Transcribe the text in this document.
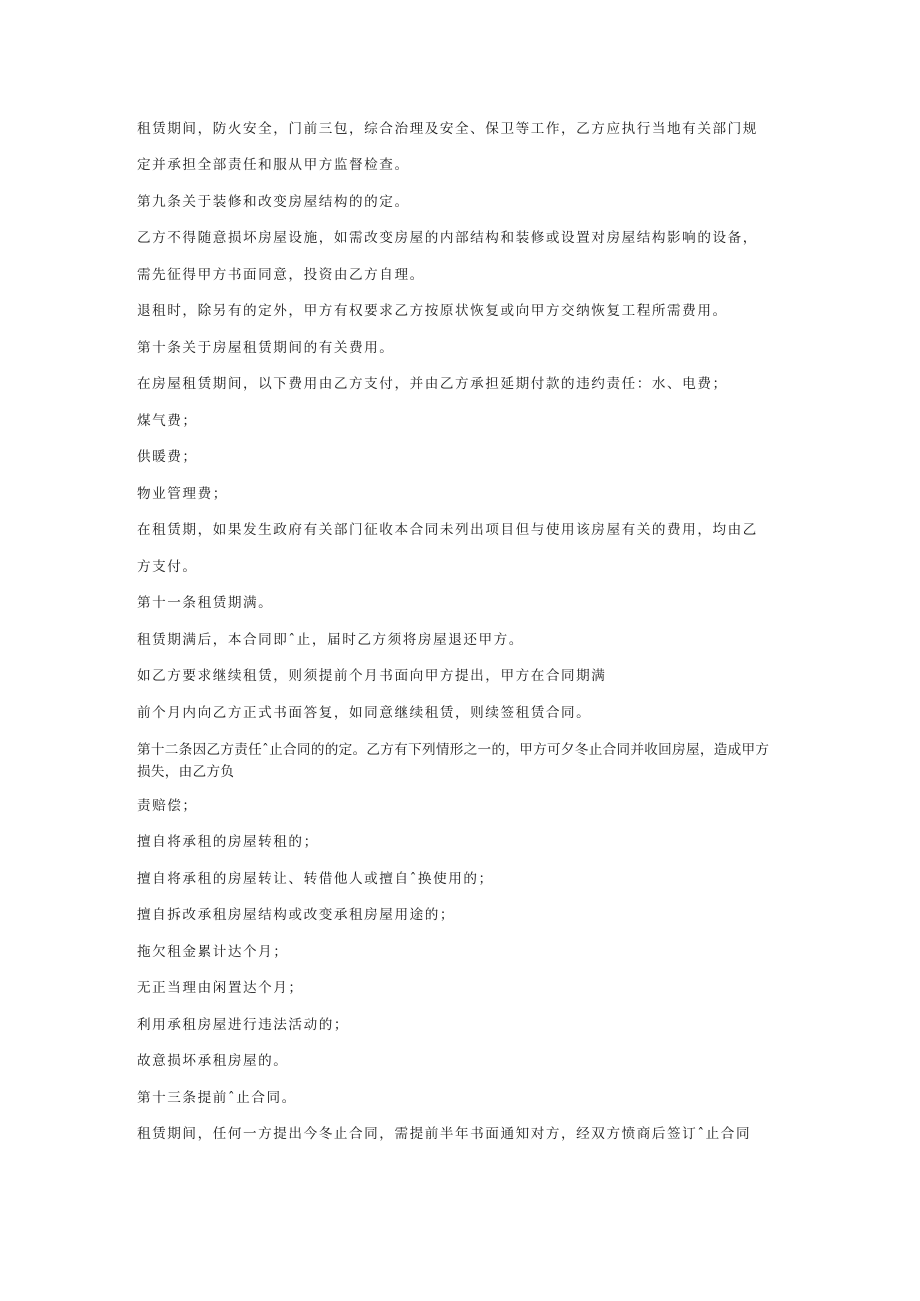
租赁期间，防火安全，门前三包，综合治理及安全、保卫等工作，乙方应执行当地有关部门规

定并承担全部责任和服从甲方监督检查。

第九条关于装修和改变房屋结构的的定。

乙方不得随意损坏房屋设施，如需改变房屋的内部结构和装修或设置对房屋结构影响的设备，

需先征得甲方书面同意，投资由乙方自理。

退租时，除另有的定外，甲方有权要求乙方按原状恢复或向甲方交纳恢复工程所需费用。

第十条关于房屋租赁期间的有关费用。

在房屋租赁期间，以下费用由乙方支付，并由乙方承担延期付款的违约责任：水、电费；

煤气费；

供暖费；

物业管理费；

在租赁期，如果发生政府有关部门征收本合同未列出项目但与使用该房屋有关的费用，均由乙

方支付。

第十一条租赁期满。

租赁期满后，本合同即ˆ止，届时乙方须将房屋退还甲方。

如乙方要求继续租赁，则须提前个月书面向甲方提出，甲方在合同期满

前个月内向乙方正式书面答复，如同意继续租赁，则续签租赁合同。

第十二条因乙方责任ˆ止合同的的定。乙方有下列情形之一的，甲方可夕冬止合同并收回房屋，造成甲方损失，由乙方负

责赔偿；

擅自将承租的房屋转租的；

擅自将承租的房屋转让、转借他人或擅自ˆ换使用的；

擅自拆改承租房屋结构或改变承租房屋用途的；

拖欠租金累计达个月；

无正当理由闲置达个月；

利用承租房屋进行违法活动的；

故意损坏承租房屋的。

第十三条提前ˆ止合同。

租赁期间，任何一方提出今冬止合同，需提前半年书面通知对方，经双方愤商后签订ˆ止合同
